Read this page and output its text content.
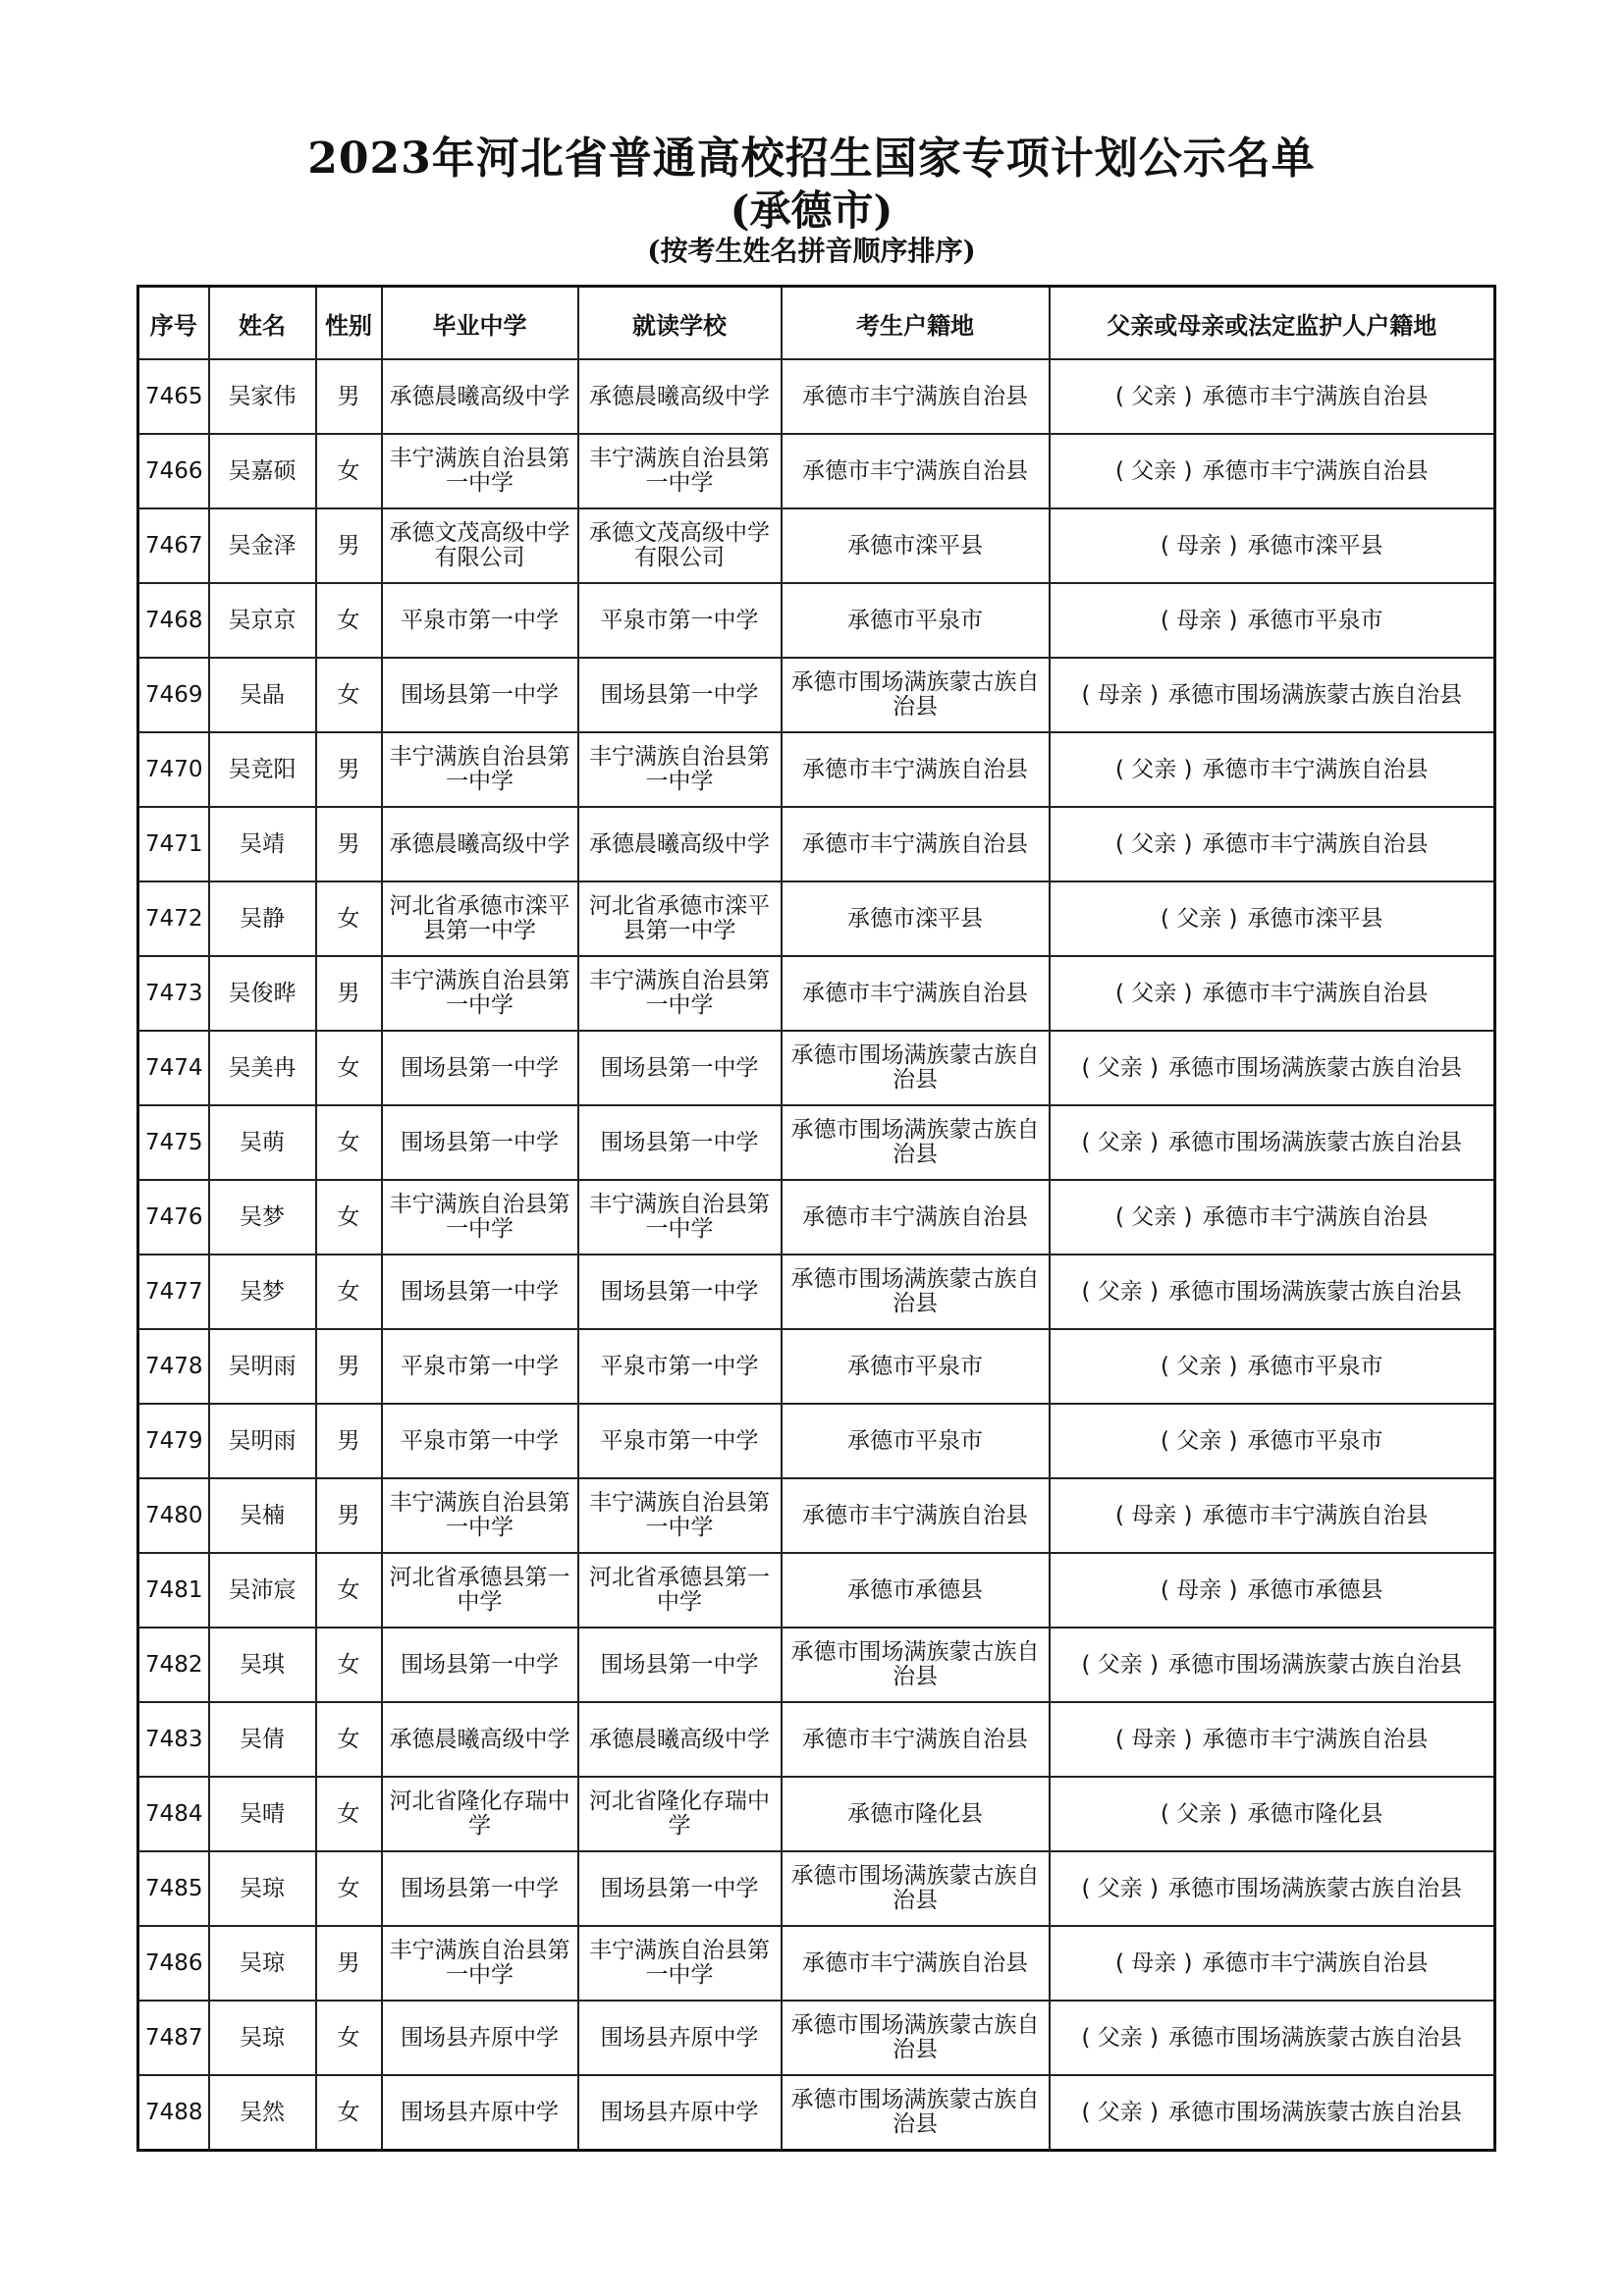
2023年河北省普通高校招生国家专项计划公示名单
(承德市)
(按考生姓名拼音顺序排序)
序号	姓名	性别	毕业中学	就读学校	考生户籍地	父亲或母亲或法定监护人户籍地
7465	吴家伟	男	承德晨曦高级中学	承德晨曦高级中学	承德市丰宁满族自治县	( 父亲 ) 承德市丰宁满族自治县
7466	吴嘉硕	女	丰宁满族自治县第一中学	丰宁满族自治县第一中学	承德市丰宁满族自治县	( 父亲 ) 承德市丰宁满族自治县
7467	吴金泽	男	承德文茂高级中学有限公司	承德文茂高级中学有限公司	承德市滦平县	( 母亲 ) 承德市滦平县
7468	吴京京	女	平泉市第一中学	平泉市第一中学	承德市平泉市	( 母亲 ) 承德市平泉市
7469	吴晶	女	围场县第一中学	围场县第一中学	承德市围场满族蒙古族自治县	( 母亲 ) 承德市围场满族蒙古族自治县
7470	吴竞阳	男	丰宁满族自治县第一中学	丰宁满族自治县第一中学	承德市丰宁满族自治县	( 父亲 ) 承德市丰宁满族自治县
7471	吴靖	男	承德晨曦高级中学	承德晨曦高级中学	承德市丰宁满族自治县	( 父亲 ) 承德市丰宁满族自治县
7472	吴静	女	河北省承德市滦平县第一中学	河北省承德市滦平县第一中学	承德市滦平县	( 父亲 ) 承德市滦平县
7473	吴俊晔	男	丰宁满族自治县第一中学	丰宁满族自治县第一中学	承德市丰宁满族自治县	( 父亲 ) 承德市丰宁满族自治县
7474	吴美冉	女	围场县第一中学	围场县第一中学	承德市围场满族蒙古族自治县	( 父亲 ) 承德市围场满族蒙古族自治县
7475	吴萌	女	围场县第一中学	围场县第一中学	承德市围场满族蒙古族自治县	( 父亲 ) 承德市围场满族蒙古族自治县
7476	吴梦	女	丰宁满族自治县第一中学	丰宁满族自治县第一中学	承德市丰宁满族自治县	( 父亲 ) 承德市丰宁满族自治县
7477	吴梦	女	围场县第一中学	围场县第一中学	承德市围场满族蒙古族自治县	( 父亲 ) 承德市围场满族蒙古族自治县
7478	吴明雨	男	平泉市第一中学	平泉市第一中学	承德市平泉市	( 父亲 ) 承德市平泉市
7479	吴明雨	男	平泉市第一中学	平泉市第一中学	承德市平泉市	( 父亲 ) 承德市平泉市
7480	吴楠	男	丰宁满族自治县第一中学	丰宁满族自治县第一中学	承德市丰宁满族自治县	( 母亲 ) 承德市丰宁满族自治县
7481	吴沛宸	女	河北省承德县第一中学	河北省承德县第一中学	承德市承德县	( 母亲 ) 承德市承德县
7482	吴琪	女	围场县第一中学	围场县第一中学	承德市围场满族蒙古族自治县	( 父亲 ) 承德市围场满族蒙古族自治县
7483	吴倩	女	承德晨曦高级中学	承德晨曦高级中学	承德市丰宁满族自治县	( 母亲 ) 承德市丰宁满族自治县
7484	吴晴	女	河北省隆化存瑞中学	河北省隆化存瑞中学	承德市隆化县	( 父亲 ) 承德市隆化县
7485	吴琼	女	围场县第一中学	围场县第一中学	承德市围场满族蒙古族自治县	( 父亲 ) 承德市围场满族蒙古族自治县
7486	吴琼	男	丰宁满族自治县第一中学	丰宁满族自治县第一中学	承德市丰宁满族自治县	( 母亲 ) 承德市丰宁满族自治县
7487	吴琼	女	围场县卉原中学	围场县卉原中学	承德市围场满族蒙古族自治县	( 父亲 ) 承德市围场满族蒙古族自治县
7488	吴然	女	围场县卉原中学	围场县卉原中学	承德市围场满族蒙古族自治县	( 父亲 ) 承德市围场满族蒙古族自治县
